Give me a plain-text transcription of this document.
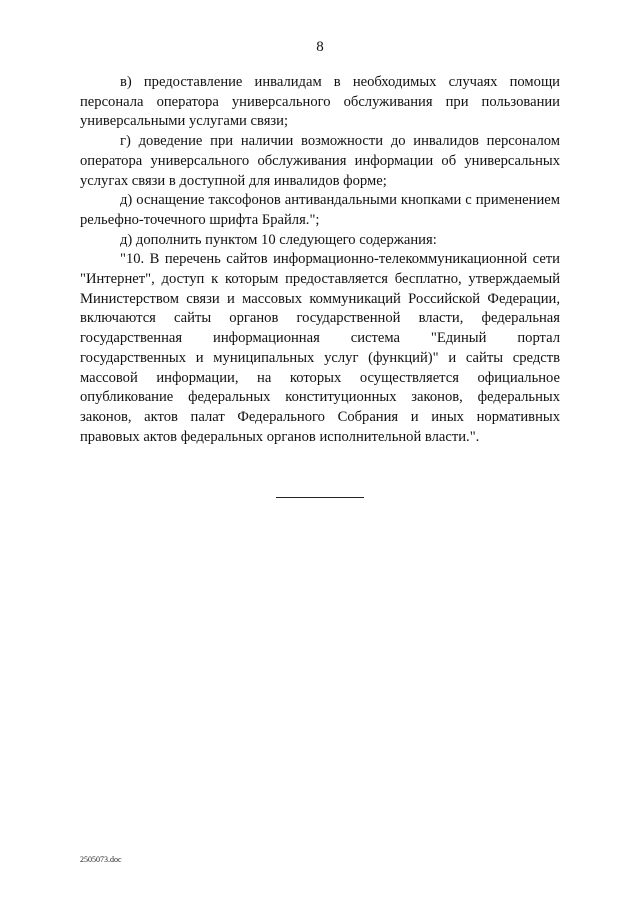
8

в) предоставление инвалидам в необходимых случаях помощи персонала оператора универсального обслуживания при пользовании универсальными услугами связи;

г) доведение при наличии возможности до инвалидов персоналом оператора универсального обслуживания информации об универсальных услугах связи в доступной для инвалидов форме;

д) оснащение таксофонов антивандальными кнопками с применением рельефно-точечного шрифта Брайля.";

д) дополнить пунктом 10 следующего содержания:

"10. В перечень сайтов информационно-телекоммуникационной сети "Интернет", доступ к которым предоставляется бесплатно, утверждаемый Министерством связи и массовых коммуникаций Российской Федерации, включаются сайты органов государственной власти, федеральная государственная информационная система "Единый портал государственных и муниципальных услуг (функций)" и сайты средств массовой информации, на которых осуществляется официальное опубликование федеральных конституционных законов, федеральных законов, актов палат Федерального Собрания и иных нормативных правовых актов федеральных органов исполнительной власти.".

2505073.doc
